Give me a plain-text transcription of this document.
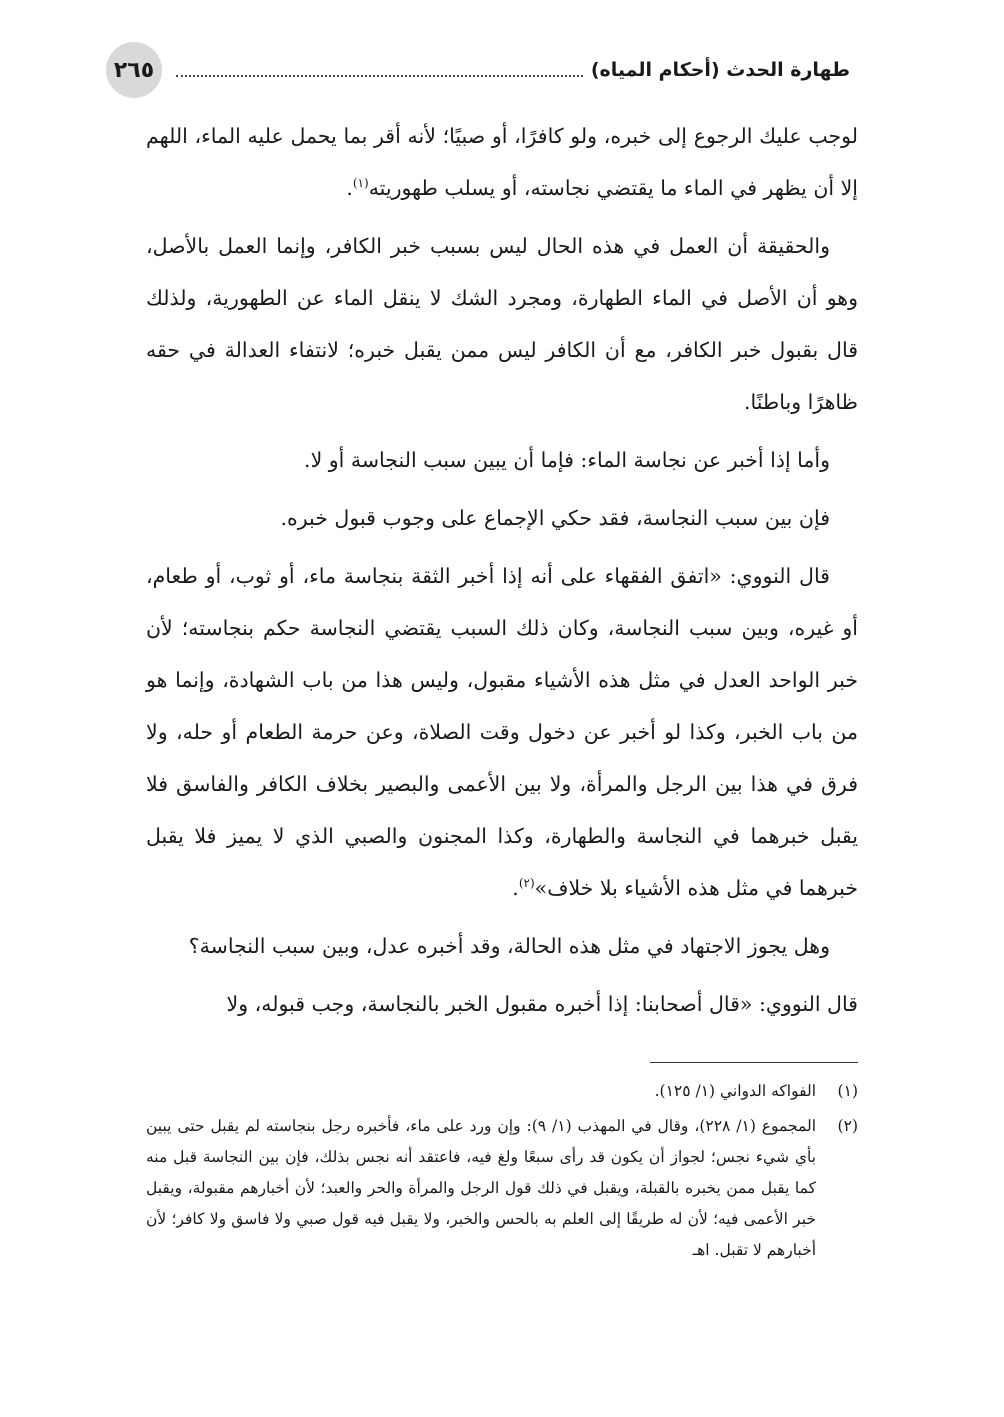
٢٦٥	طهارة الحدث (أحكام المياه)

لوجب عليك الرجوع إلى خبره، ولو كافرًا، أو صبيًا؛ لأنه أقر بما يحمل عليه الماء، اللهم إلا أن يظهر في الماء ما يقتضي نجاسته، أو يسلب طهوريته$^{(١)}$.

والحقيقة أن العمل في هذه الحال ليس بسبب خبر الكافر، وإنما العمل بالأصل، وهو أن الأصل في الماء الطهارة، ومجرد الشك لا ينقل الماء عن الطهورية، ولذلك قال بقبول خبر الكافر، مع أن الكافر ليس ممن يقبل خبره؛ لانتفاء العدالة في حقه ظاهرًا وباطنًا.

وأما إذا أخبر عن نجاسة الماء: فإما أن يبين سبب النجاسة أو لا.

فإن بين سبب النجاسة، فقد حكي الإجماع على وجوب قبول خبره.

قال النووي: «اتفق الفقهاء على أنه إذا أخبر الثقة بنجاسة ماء، أو ثوب، أو طعام، أو غيره، وبين سبب النجاسة، وكان ذلك السبب يقتضي النجاسة حكم بنجاسته؛ لأن خبر الواحد العدل في مثل هذه الأشياء مقبول، وليس هذا من باب الشهادة، وإنما هو من باب الخبر، وكذا لو أخبر عن دخول وقت الصلاة، وعن حرمة الطعام أو حله، ولا فرق في هذا بين الرجل والمرأة، ولا بين الأعمى والبصير بخلاف الكافر والفاسق فلا يقبل خبرهما في النجاسة والطهارة، وكذا المجنون والصبي الذي لا يميز فلا يقبل خبرهما في مثل هذه الأشياء بلا خلاف»$^{(٢)}$.

وهل يجوز الاجتهاد في مثل هذه الحالة، وقد أخبره عدل، وبين سبب النجاسة؟

قال النووي: «قال أصحابنا: إذا أخبره مقبول الخبر بالنجاسة، وجب قبوله، ولا

(١)
الفواكه الدواني (١/ ١٢٥).
(٢)
المجموع (١/ ٢٢٨)، وقال في المهذب (١/ ٩): وإن ورد على ماء، فأخبره رجل بنجاسته لم يقبل حتى يبين بأي شيء نجس؛ لجواز أن يكون قد رأى سبعًا ولغ فيه، فاعتقد أنه نجس بذلك، فإن بين النجاسة قبل منه كما يقبل ممن يخبره بالقبلة، ويقبل في ذلك قول الرجل والمرأة والحر والعبد؛ لأن أخبارهم مقبولة، ويقبل خبر الأعمى فيه؛ لأن له طريقًا إلى العلم به بالحس والخبر، ولا يقبل فيه قول صبي ولا فاسق ولا كافر؛ لأن أخبارهم لا تقبل. اهـ
